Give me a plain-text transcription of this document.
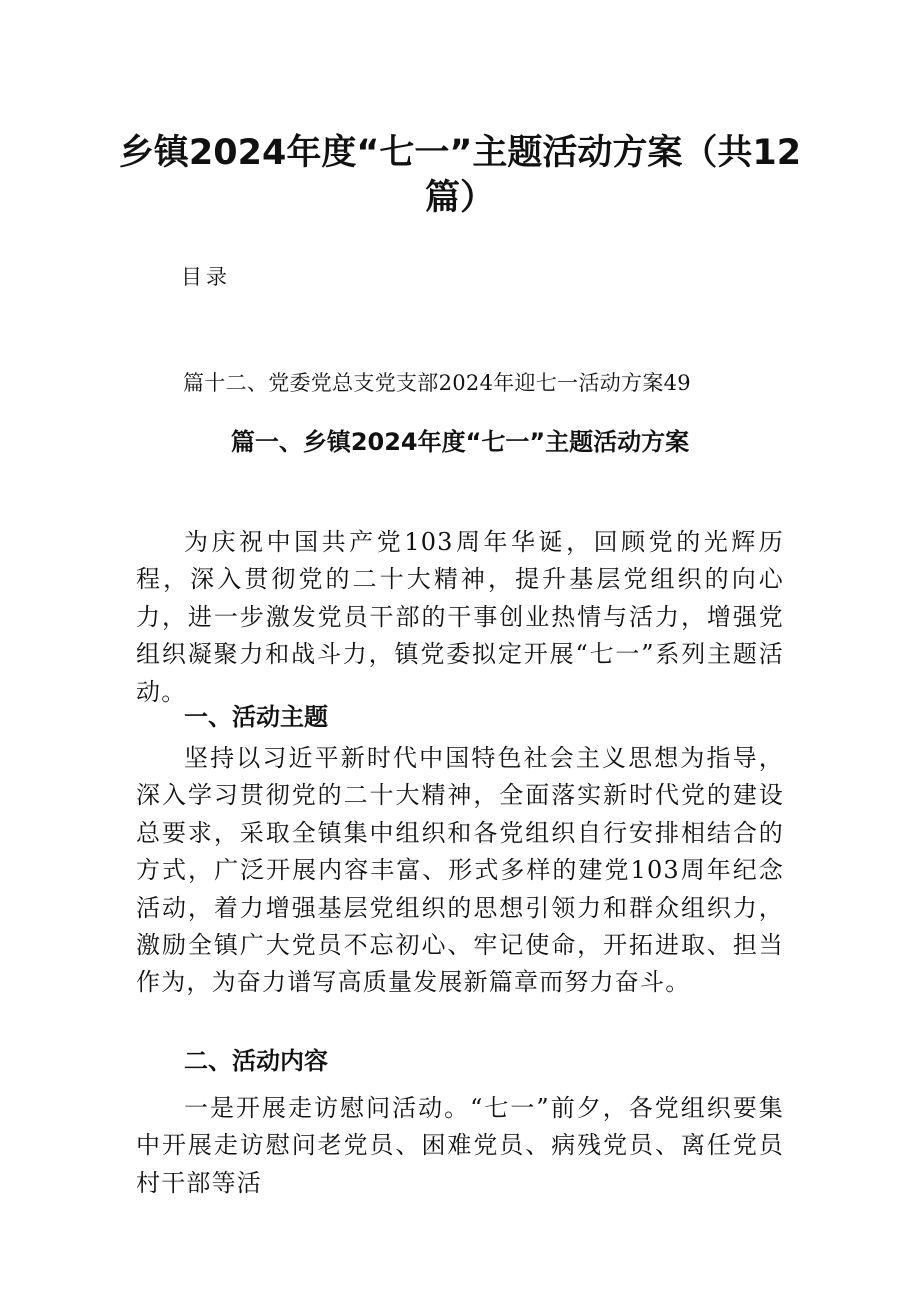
乡镇2024年度“七一”主题活动方案（共12篇）

目录

篇十二、党委党总支党支部2024年迎七一活动方案49

篇一、乡镇2024年度“七一”主题活动方案

为庆祝中国共产党103周年华诞，回顾党的光辉历程，深入贯彻党的二十大精神，提升基层党组织的向心力，进一步激发党员干部的干事创业热情与活力，增强党组织凝聚力和战斗力，镇党委拟定开展“七一”系列主题活动。

一、活动主题

坚持以习近平新时代中国特色社会主义思想为指导，深入学习贯彻党的二十大精神，全面落实新时代党的建设总要求，采取全镇集中组织和各党组织自行安排相结合的方式，广泛开展内容丰富、形式多样的建党103周年纪念活动，着力增强基层党组织的思想引领力和群众组织力，激励全镇广大党员不忘初心、牢记使命，开拓进取、担当作为，为奋力谱写高质量发展新篇章而努力奋斗。

二、活动内容

一是开展走访慰问活动。“七一”前夕，各党组织要集中开展走访慰问老党员、困难党员、病残党员、离任党员村干部等活
